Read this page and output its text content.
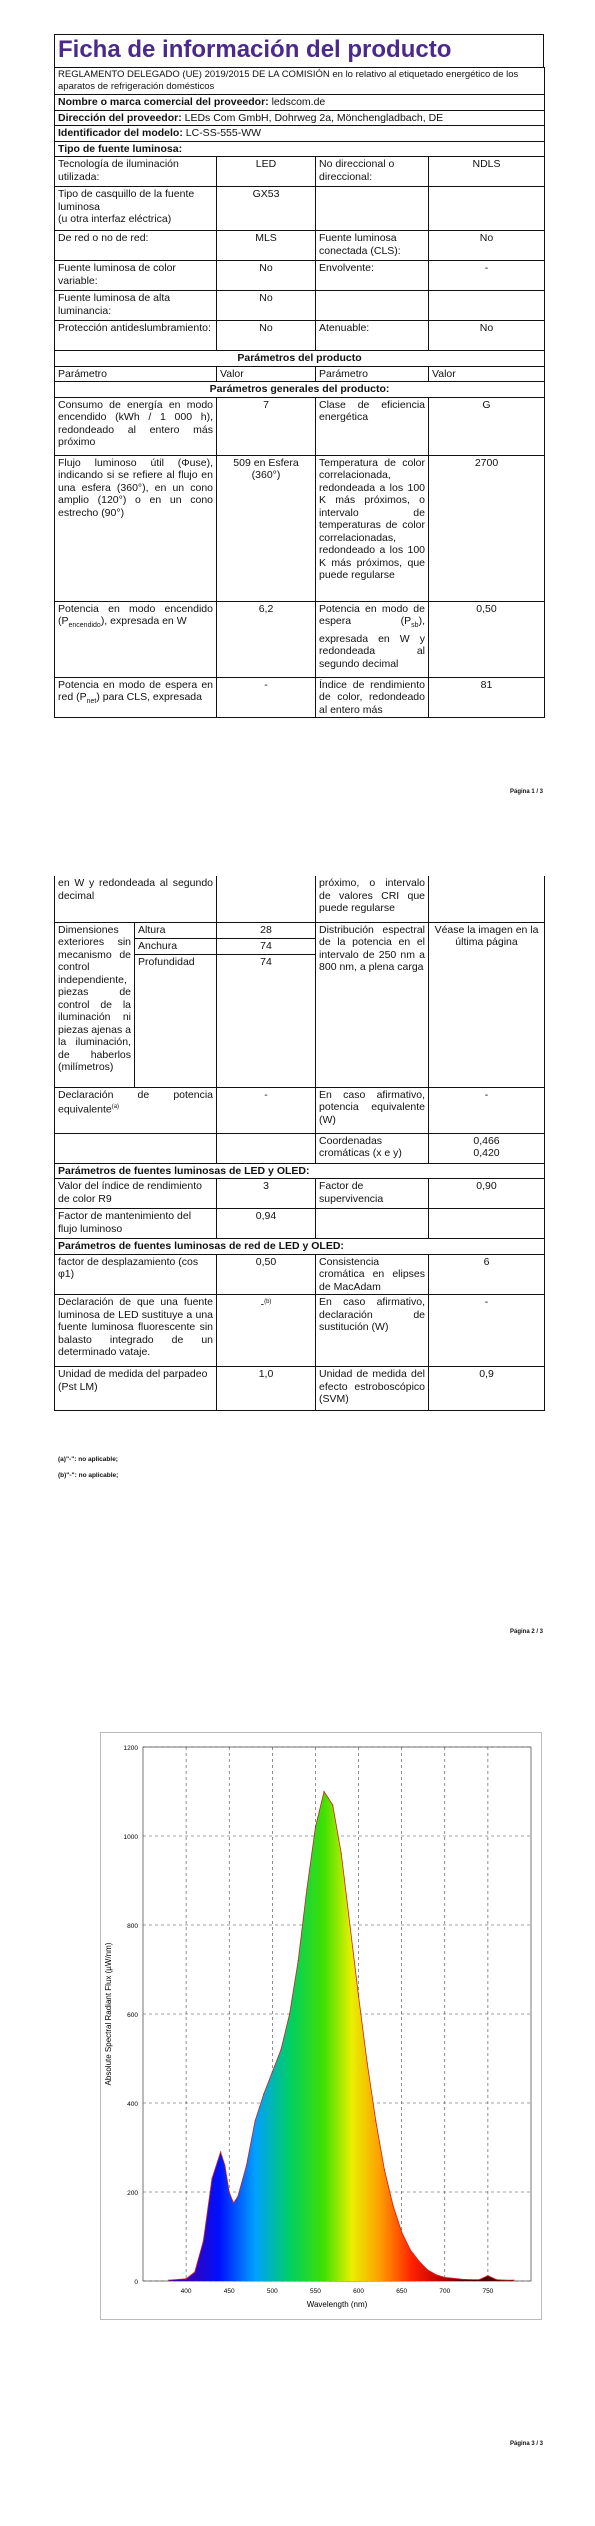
Ficha de información del producto
REGLAMENTO DELEGADO (UE) 2019/2015 DE LA COMISIÓN en lo relativo al etiquetado energético de los aparatos de refrigeración domésticos			
Nombre o marca comercial del proveedor: ledscom.de			
Dirección del proveedor: LEDs Com GmbH, Dohrweg 2a, Mönchengladbach, DE			
Identificador del modelo: LC-SS-555-WW			
Tipo de fuente luminosa:			
Tecnología de iluminación utilizada:	LED	No direccional o direccional:	NDLS
Tipo de casquillo de la fuente luminosa
(u otra interfaz eléctrica)	GX53		
De red o no de red:	MLS	Fuente luminosa conectada (CLS):	No
Fuente luminosa de color variable:	No	Envolvente:	-
Fuente luminosa de alta luminancia:	No		
Protección antideslumbramiento:	No	Atenuable:	No
Parámetros del producto			
Parámetro	Valor	Parámetro	Valor
Parámetros generales del producto:			
Consumo de energía en modo encendido (kWh / 1 000 h), redondeado al entero más próximo	7	Clase de eficiencia energética	G
Flujo luminoso útil (Φuse), indicando si se refiere al flujo en una esfera (360°), en un cono amplio (120°) o en un cono estrecho (90°)	509 en Esfera (360°)	Temperatura de color correlacionada, redondeada a los 100 K más próximos, o intervalo de temperaturas de color correlacionadas, redondeado a los 100 K más próximos, que puede regularse	2700
Potencia en modo encendido $(P_{encendido})$, expresada en W	6,2	Potencia en modo de espera $(P_{sb})$, expresada en W y redondeada al segundo decimal	0,50
Potencia en modo de espera en red $(P_{net})$ para CLS, expresada	-	Índice de rendimiento de color, redondeado al entero más	81
Página 1 / 3
en W y redondeada al segundo decimal			próximo, o intervalo de valores CRI que puede regularse	
Dimensiones exteriores sin mecanismo de control independiente, piezas de control de la iluminación ni piezas ajenas a la iluminación, de haberlos (milímetros)	Altura	28	Distribución espectral de la potencia en el intervalo de 250 nm a 800 nm, a plena carga	Véase la imagen en la última página
	Anchura	74		
	Profundidad	74		
Declaración de potencia equivalente$^{(a)}$		-	En caso afirmativo, potencia equivalente (W)	-
			Coordenadas cromáticas (x e y)	0,466
0,420
Parámetros de fuentes luminosas de LED y OLED:				
Valor del índice de rendimiento de color R9		3	Factor de supervivencia	0,90
Factor de mantenimiento del flujo luminoso		0,94		
Parámetros de fuentes luminosas de red de LED y OLED:				
factor de desplazamiento (cos φ1)		0,50	Consistencia cromática en elipses de MacAdam	6
Declaración de que una fuente luminosa de LED sustituye a una fuente luminosa fluorescente sin balasto integrado de un determinado vataje.		-$^{(b)}$	En caso afirmativo, declaración de sustitución (W)	-
Unidad de medida del parpadeo (Pst LM)		1,0	Unidad de medida del efecto estroboscópico (SVM)	0,9
(a)"-": no aplicable;
(b)"-": no aplicable;
Página 2 / 3
0
200
400
600
800
1000
1200
400	450	500	550	600	650	700	750
Wavelength (nm)
Absolute Spectral Radiant Flux (µW/nm)
Página 3 / 3
